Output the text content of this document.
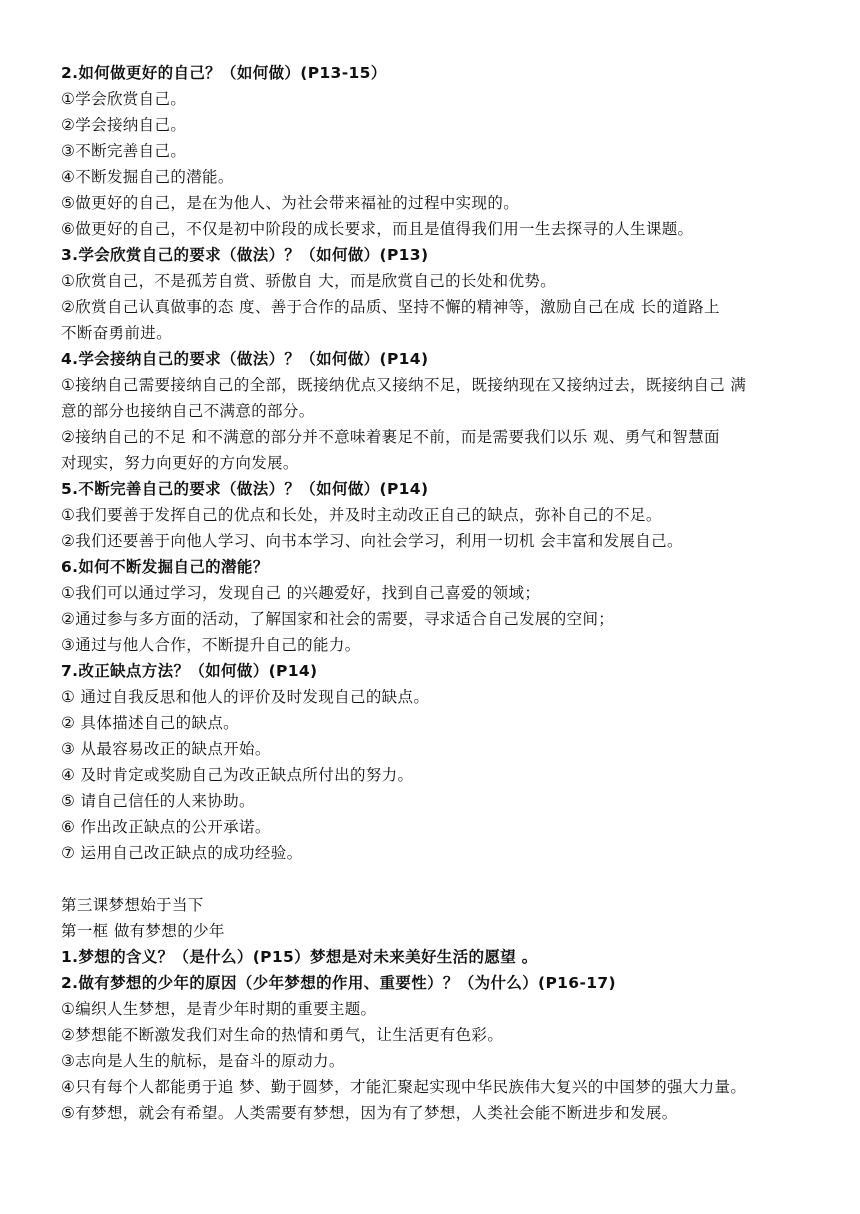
2.如何做更好的自己？（如何做）(P13-15）
①学会欣赏自己。
②学会接纳自己。
③不断完善自己。
④不断发掘自己的潜能。
⑤做更好的自己，是在为他人、为社会带来福祉的过程中实现的。
⑥做更好的自己，不仅是初中阶段的成长要求，而且是值得我们用一生去探寻的人生课题。
3.学会欣赏自己的要求（做法）？（如何做）(P13)
①欣赏自己，不是孤芳自赏、骄傲自 大，而是欣赏自己的长处和优势。
②欣赏自己认真做事的态 度、善于合作的品质、坚持不懈的精神等，激励自己在成 长的道路上
不断奋勇前进。
4.学会接纳自己的要求（做法）？（如何做）(P14)
①接纳自己需要接纳自己的全部，既接纳优点又接纳不足，既接纳现在又接纳过去，既接纳自己 满
意的部分也接纳自己不满意的部分。
②接纳自己的不足 和不满意的部分并不意味着裹足不前，而是需要我们以乐 观、勇气和智慧面
对现实，努力向更好的方向发展。
5.不断完善自己的要求（做法）？（如何做）(P14)
①我们要善于发挥自己的优点和长处，并及时主动改正自己的缺点，弥补自己的不足。
②我们还要善于向他人学习、向书本学习、向社会学习，利用一切机 会丰富和发展自己。
6.如何不断发掘自己的潜能？
①我们可以通过学习，发现自己 的兴趣爱好，找到自己喜爱的领域；
②通过参与多方面的活动，了解国家和社会的需要，寻求适合自己发展的空间；
③通过与他人合作，不断提升自己的能力。
7.改正缺点方法？（如何做）(P14)
① 通过自我反思和他人的评价及时发现自己的缺点。
② 具体描述自己的缺点。
③ 从最容易改正的缺点开始。
④ 及时肯定或奖励自己为改正缺点所付出的努力。
⑤ 请自己信任的人来协助。
⑥ 作出改正缺点的公开承诺。
⑦ 运用自己改正缺点的成功经验。
第三课梦想始于当下
第一框 做有梦想的少年
1.梦想的含义？（是什么）(P15）梦想是对未来美好生活的愿望 。
2.做有梦想的少年的原因（少年梦想的作用、重要性）？（为什么）(P16-17)
①编织人生梦想，是青少年时期的重要主题。
②梦想能不断激发我们对生命的热情和勇气，让生活更有色彩。
③志向是人生的航标，是奋斗的原动力。
④只有每个人都能勇于追 梦、勤于圆梦，才能汇聚起实现中华民族伟大复兴的中国梦的强大力量。
⑤有梦想，就会有希望。人类需要有梦想，因为有了梦想，人类社会能不断进步和发展。
